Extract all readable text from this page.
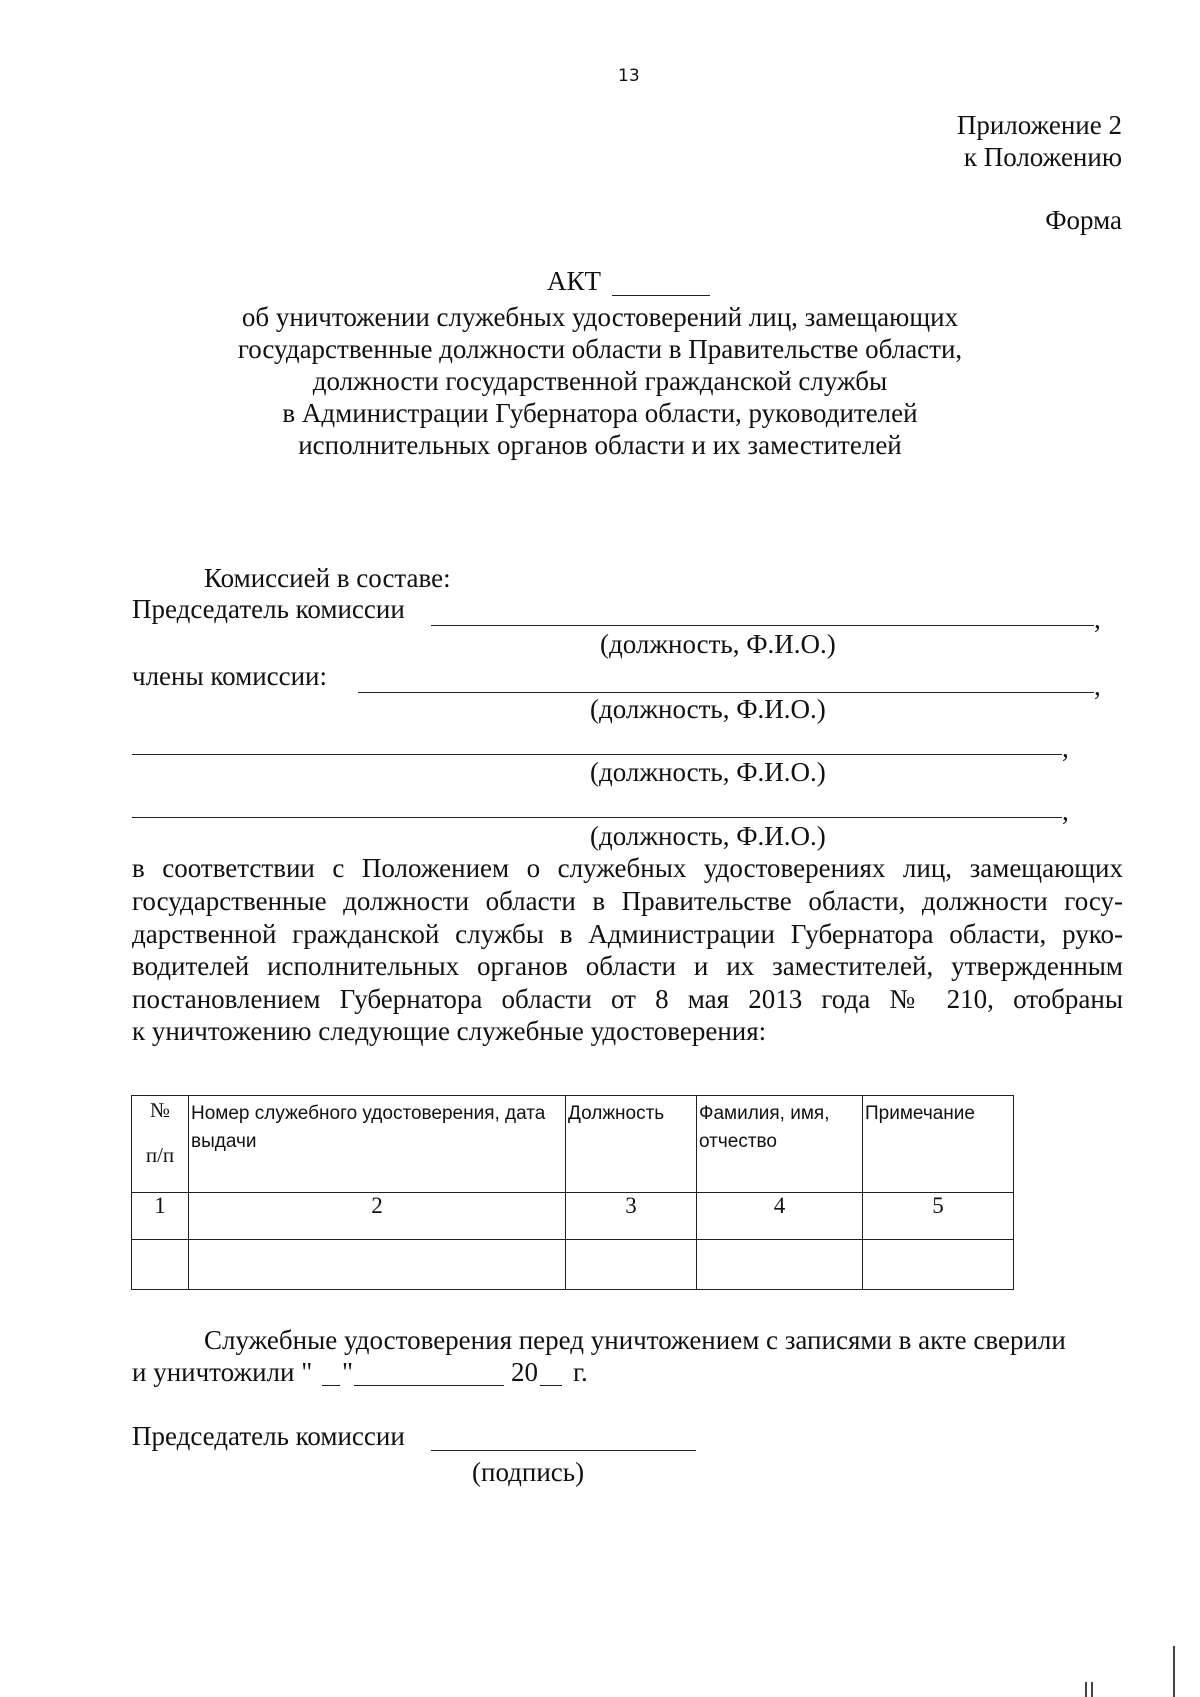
13
Приложение 2
к Положению
Форма
АКТ
об уничтожении служебных удостоверений лиц, замещающих
государственные должности области в Правительстве области,
должности государственной гражданской службы
в Администрации Губернатора области, руководителей
исполнительных органов области и их заместителей
Комиссией в составе:
Председатель комиссии	,
(должность, Ф.И.О.)
члены комиссии:	,
(должность, Ф.И.О.)
,
(должность, Ф.И.О.)
,
(должность, Ф.И.О.)
в соответствии с Положением о служебных удостоверениях лиц, замещающих
государственные должности области в Правительстве области, должности госу-
дарственной гражданской службы в Администрации Губернатора области, руко-
водителей исполнительных органов области и их заместителей, утвержденным
постановлением Губернатора области от 8 мая 2013 года № 210, отобраны
к уничтожению следующие служебные удостоверения:
№
п/п	Номер служебного удостоверения, дата выдачи	Должность	Фамилия, имя, отчество	Примечание

1	2	3	4	5

Служебные удостоверения перед уничтожением с записями в акте сверили
и уничтожили " "	20 г.
Председатель комиссии
(подпись)
